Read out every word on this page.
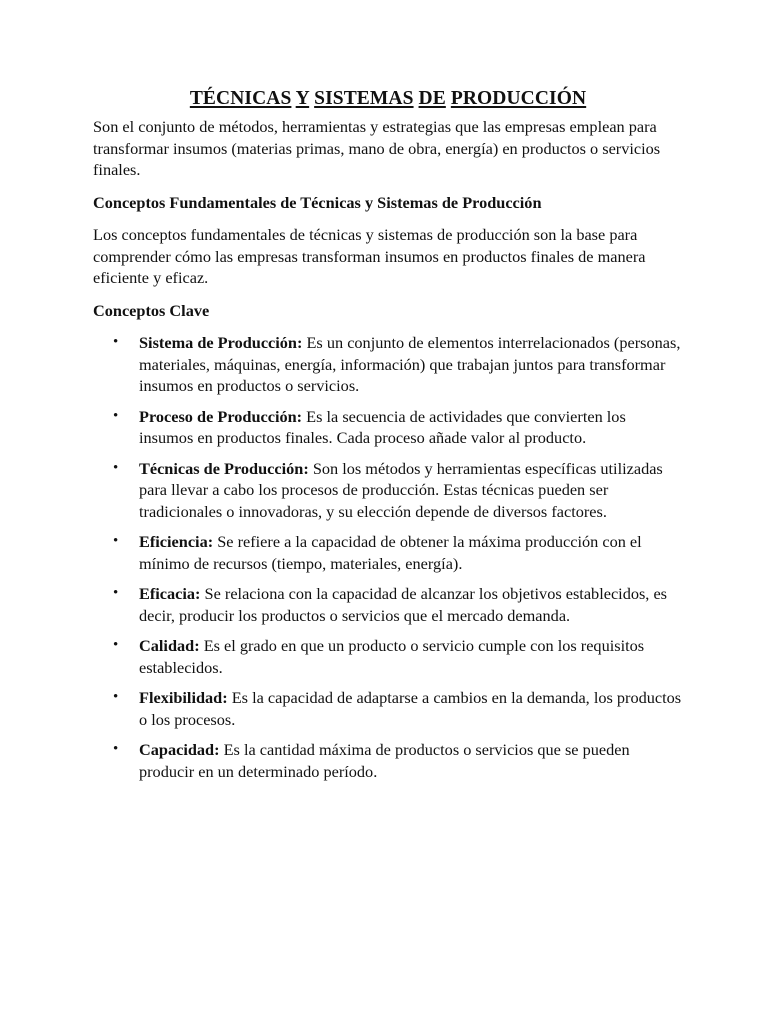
TÉCNICAS Y SISTEMAS DE PRODUCCIÓN

Son el conjunto de métodos, herramientas y estrategias que las empresas emplean para transformar insumos (materias primas, mano de obra, energía) en productos o servicios finales.

Conceptos Fundamentales de Técnicas y Sistemas de Producción

Los conceptos fundamentales de técnicas y sistemas de producción son la base para comprender cómo las empresas transforman insumos en productos finales de manera eficiente y eficaz.

Conceptos Clave

• Sistema de Producción: Es un conjunto de elementos interrelacionados (personas, materiales, máquinas, energía, información) que trabajan juntos para transformar insumos en productos o servicios.
• Proceso de Producción: Es la secuencia de actividades que convierten los insumos en productos finales. Cada proceso añade valor al producto.
• Técnicas de Producción: Son los métodos y herramientas específicas utilizadas para llevar a cabo los procesos de producción. Estas técnicas pueden ser tradicionales o innovadoras, y su elección depende de diversos factores.
• Eficiencia: Se refiere a la capacidad de obtener la máxima producción con el mínimo de recursos (tiempo, materiales, energía).
• Eficacia: Se relaciona con la capacidad de alcanzar los objetivos establecidos, es decir, producir los productos o servicios que el mercado demanda.
• Calidad: Es el grado en que un producto o servicio cumple con los requisitos establecidos.
• Flexibilidad: Es la capacidad de adaptarse a cambios en la demanda, los productos o los procesos.
• Capacidad: Es la cantidad máxima de productos o servicios que se pueden producir en un determinado período.
